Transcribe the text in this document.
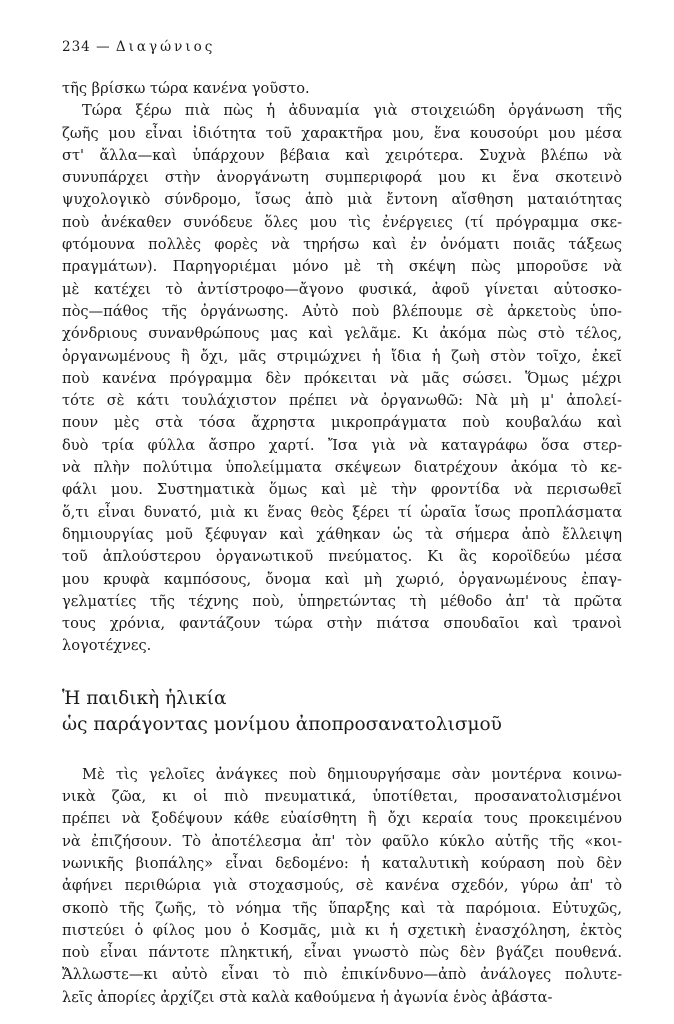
234 — Διαγώνιος
τῆς βρίσκω τώρα κανένα γοῦστο.
Τώρα ξέρω πιὰ πὼς ἡ ἀδυναμία γιὰ στοιχειώδη ὀργάνωση τῆς
ζωῆς μου εἶναι ἰδιότητα τοῦ χαρακτῆρα μου, ἕνα κουσούρι μου μέσα
στ' ἄλλα—καὶ ὑπάρχουν βέβαια καὶ χειρότερα. Συχνὰ βλέπω νὰ
συνυπάρχει στὴν ἀνοργάνωτη συμπεριφορά μου κι ἕνα σκοτεινὸ
ψυχολογικὸ σύνδρομο, ἴσως ἀπὸ μιὰ ἔντονη αἴσθηση ματαιότητας
ποὺ ἀνέκαθεν συνόδευε ὅλες μου τὶς ἐνέργειες (τί πρόγραμμα σκε-
φτόμουνα πολλὲς φορὲς νὰ τηρήσω καὶ ἐν ὀνόματι ποιᾶς τάξεως
πραγμάτων). Παρηγοριέμαι μόνο μὲ τὴ σκέψη πὼς μποροῦσε νὰ
μὲ κατέχει τὸ ἀντίστροφο—ἄγονο φυσικά, ἀφοῦ γίνεται αὐτοσκο-
πὸς—πάθος τῆς ὀργάνωσης. Αὐτὸ ποὺ βλέπουμε σὲ ἀρκετοὺς ὑπο-
χόνδριους συνανθρώπους μας καὶ γελᾶμε. Κι ἀκόμα πὼς στὸ τέλος,
ὀργανωμένους ἢ ὄχι, μᾶς στριμώχνει ἡ ἴδια ἡ ζωὴ στὸν τοῖχο, ἐκεῖ
ποὺ κανένα πρόγραμμα δὲν πρόκειται νὰ μᾶς σώσει. Ὅμως μέχρι
τότε σὲ κάτι τουλάχιστον πρέπει νὰ ὀργανωθῶ: Νὰ μὴ μ' ἀπολεί-
πουν μὲς στὰ τόσα ἄχρηστα μικροπράγματα ποὺ κουβαλάω καὶ
δυὸ τρία φύλλα ἄσπρο χαρτί. Ἴσα γιὰ νὰ καταγράφω ὅσα στερ-
νὰ πλὴν πολύτιμα ὑπολείμματα σκέψεων διατρέχουν ἀκόμα τὸ κε-
φάλι μου. Συστηματικὰ ὅμως καὶ μὲ τὴν φροντίδα νὰ περισωθεῖ
ὅ,τι εἶναι δυνατό, μιὰ κι ἕνας θεὸς ξέρει τί ὡραῖα ἴσως προπλάσματα
δημιουργίας μοῦ ξέφυγαν καὶ χάθηκαν ὡς τὰ σήμερα ἀπὸ ἔλλειψη
τοῦ ἀπλούστερου ὀργανωτικοῦ πνεύματος. Κι ἂς κοροϊδεύω μέσα
μου κρυφὰ καμπόσους, ὄνομα καὶ μὴ χωριό, ὀργανωμένους ἐπαγ-
γελματίες τῆς τέχνης ποὺ, ὑπηρετώντας τὴ μέθοδο ἀπ' τὰ πρῶτα
τους χρόνια, φαντάζουν τώρα στὴν πιάτσα σπουδαῖοι καὶ τρανοὶ
λογοτέχνες.
Ἡ παιδικὴ ἡλικία
ὡς παράγοντας μονίμου ἀποπροσανατολισμοῦ
Μὲ τὶς γελοῖες ἀνάγκες ποὺ δημιουργήσαμε σὰν μοντέρνα κοινω-
νικὰ ζῶα, κι οἱ πιὸ πνευματικά, ὑποτίθεται, προσανατολισμένοι
πρέπει νὰ ξοδέψουν κάθε εὐαίσθητη ἢ ὄχι κεραία τους προκειμένου
νὰ ἐπιζήσουν. Τὸ ἀποτέλεσμα ἀπ' τὸν φαῦλο κύκλο αὐτῆς τῆς «κοι-
νωνικῆς βιοπάλης» εἶναι δεδομένο: ἡ καταλυτικὴ κούραση ποὺ δὲν
ἀφήνει περιθώρια γιὰ στοχασμούς, σὲ κανένα σχεδόν, γύρω ἀπ' τὸ
σκοπὸ τῆς ζωῆς, τὸ νόημα τῆς ὕπαρξης καὶ τὰ παρόμοια. Εὐτυχῶς,
πιστεύει ὁ φίλος μου ὁ Κοσμᾶς, μιὰ κι ἡ σχετικὴ ἐνασχόληση, ἐκτὸς
ποὺ εἶναι πάντοτε πληκτική, εἶναι γνωστὸ πὼς δὲν βγάζει πουθενά.
Ἄλλωστε—κι αὐτὸ εἶναι τὸ πιὸ ἐπικίνδυνο—ἀπὸ ἀνάλογες πολυτε-
λεῖς ἀπορίες ἀρχίζει στὰ καλὰ καθούμενα ἡ ἀγωνία ἑνὸς ἀβάστα-
